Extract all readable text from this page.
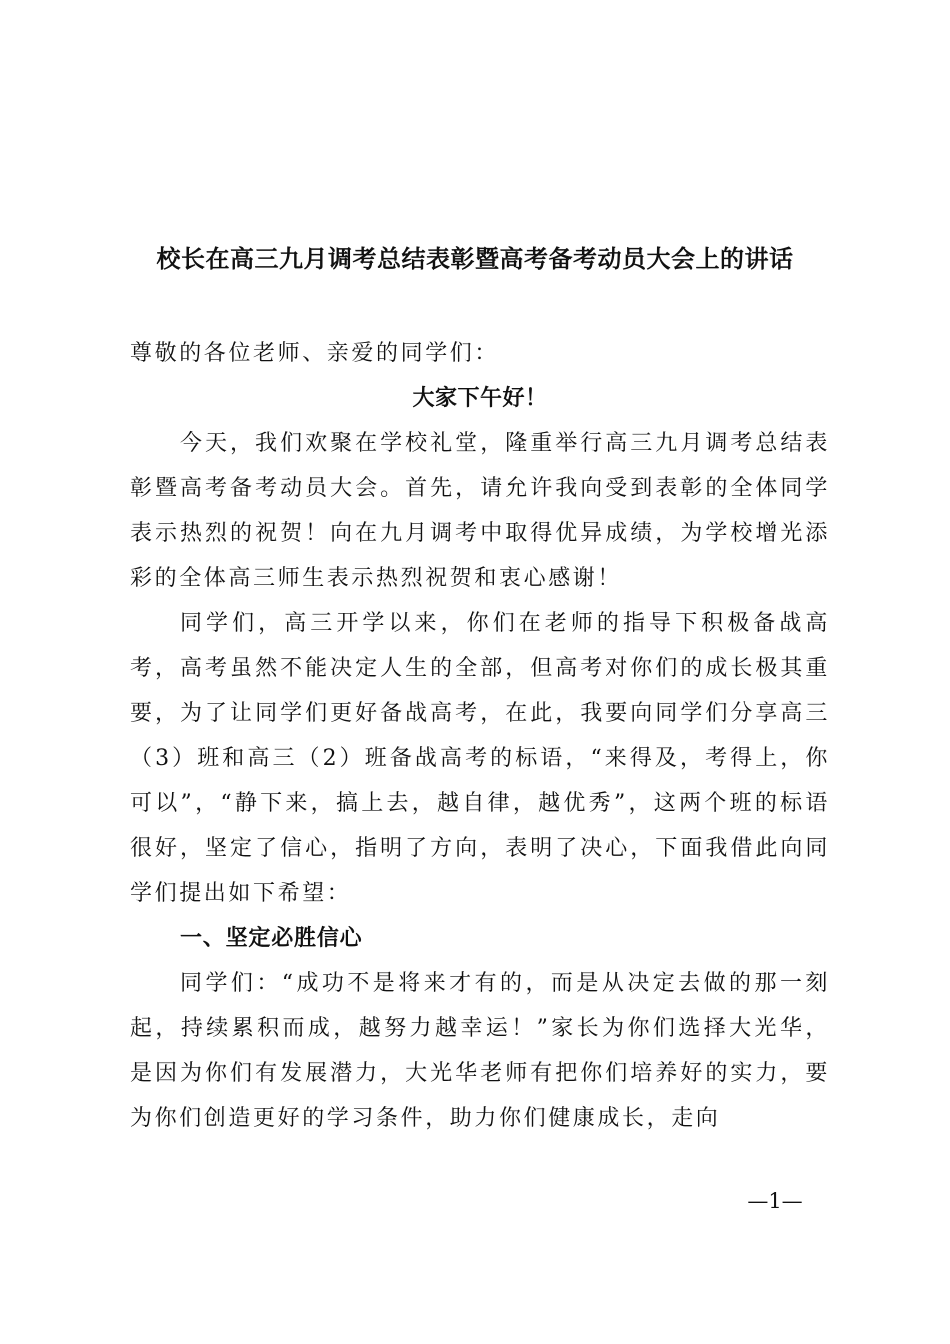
校长在高三九月调考总结表彰暨高考备考动员大会上的讲话

尊敬的各位老师、亲爱的同学们：

大家下午好！

今天，我们欢聚在学校礼堂，隆重举行高三九月调考总结表彰暨高考备考动员大会。首先，请允许我向受到表彰的全体同学表示热烈的祝贺！向在九月调考中取得优异成绩，为学校增光添彩的全体高三师生表示热烈祝贺和衷心感谢！

同学们，高三开学以来，你们在老师的指导下积极备战高考，高考虽然不能决定人生的全部，但高考对你们的成长极其重要，为了让同学们更好备战高考，在此，我要向同学们分享高三（3）班和高三（2）班备战高考的标语，“来得及，考得上，你可以”，“静下来，搞上去，越自律，越优秀”，这两个班的标语很好，坚定了信心，指明了方向，表明了决心，下面我借此向同学们提出如下希望：

一、坚定必胜信心

同学们：“成功不是将来才有的，而是从决定去做的那一刻起，持续累积而成，越努力越幸运！”家长为你们选择大光华，是因为你们有发展潜力，大光华老师有把你们培养好的实力，要为你们创造更好的学习条件，助力你们健康成长，走向

—1—
